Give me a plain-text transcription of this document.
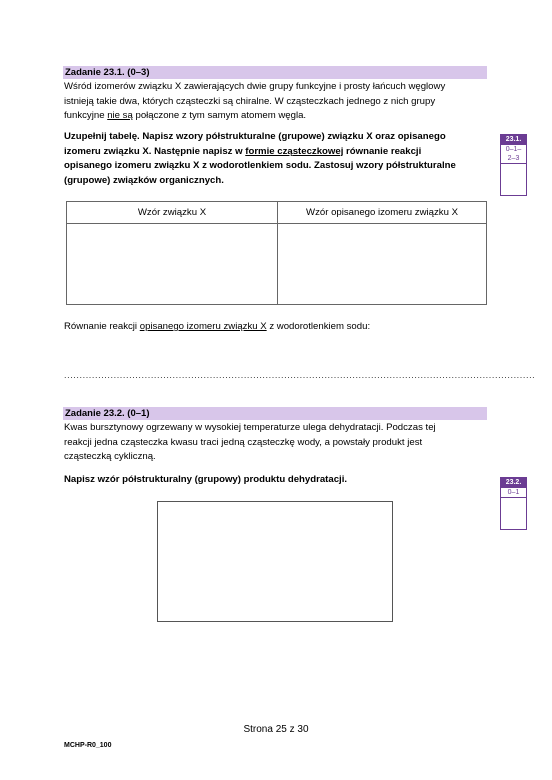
Zadanie 23.1. (0–3)
Wśród izomerów związku X zawierających dwie grupy funkcyjne i prosty łańcuch węglowy
istnieją takie dwa, których cząsteczki są chiralne. W cząsteczkach jednego z nich grupy
funkcyjne nie są połączone z tym samym atomem węgla.
Uzupełnij tabelę. Napisz wzory półstrukturalne (grupowe) związku X oraz opisanego
izomeru związku X. Następnie napisz w formie cząsteczkowej równanie reakcji
opisanego izomeru związku X z wodorotlenkiem sodu. Zastosuj wzory półstrukturalne
(grupowe) związków organicznych.
23.1.
0–1–
2–3
Wzór związku X	Wzór opisanego izomeru związku X

Równanie reakcji opisanego izomeru związku X z wodorotlenkiem sodu:
........................................................................................................................................................
Zadanie 23.2. (0–1)
Kwas bursztynowy ogrzewany w wysokiej temperaturze ulega dehydratacji. Podczas tej
reakcji jedna cząsteczka kwasu traci jedną cząsteczkę wody, a powstały produkt jest
cząsteczką cykliczną.
Napisz wzór półstrukturalny (grupowy) produktu dehydratacji.	23.2.
0–1
Strona 25 z 30
MCHP-R0_100
